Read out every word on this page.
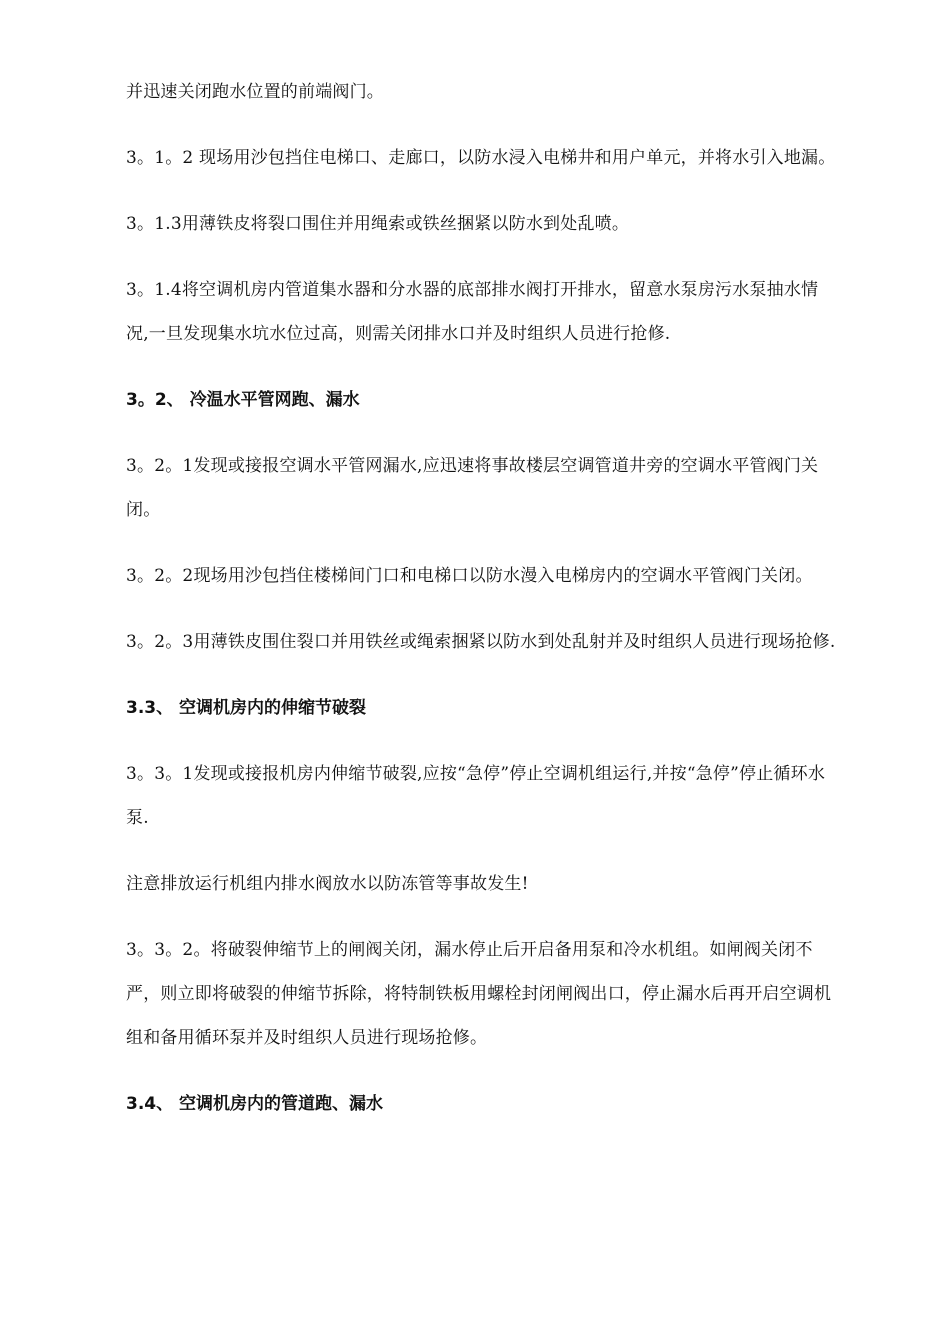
并迅速关闭跑水位置的前端阀门。

3。1。2 现场用沙包挡住电梯口、走廊口，以防水浸入电梯井和用户单元，并将水引入地漏。

3。1.3用薄铁皮将裂口围住并用绳索或铁丝捆紧以防水到处乱喷。

3。1.4将空调机房内管道集水器和分水器的底部排水阀打开排水，留意水泵房污水泵抽水情况,一旦发现集水坑水位过高，则需关闭排水口并及时组织人员进行抢修.

3。2、 冷温水平管网跑、漏水

3。2。1发现或接报空调水平管网漏水,应迅速将事故楼层空调管道井旁的空调水平管阀门关闭。

3。2。2现场用沙包挡住楼梯间门口和电梯口以防水漫入电梯房内的空调水平管阀门关闭。

3。2。3用薄铁皮围住裂口并用铁丝或绳索捆紧以防水到处乱射并及时组织人员进行现场抢修.

3.3、 空调机房内的伸缩节破裂

3。3。1发现或接报机房内伸缩节破裂,应按“急停”停止空调机组运行,并按“急停”停止循环水泵.

注意排放运行机组内排水阀放水以防冻管等事故发生!

3。3。2。将破裂伸缩节上的闸阀关闭，漏水停止后开启备用泵和冷水机组。如闸阀关闭不严，则立即将破裂的伸缩节拆除，将特制铁板用螺栓封闭闸阀出口，停止漏水后再开启空调机组和备用循环泵并及时组织人员进行现场抢修。

3.4、 空调机房内的管道跑、漏水
